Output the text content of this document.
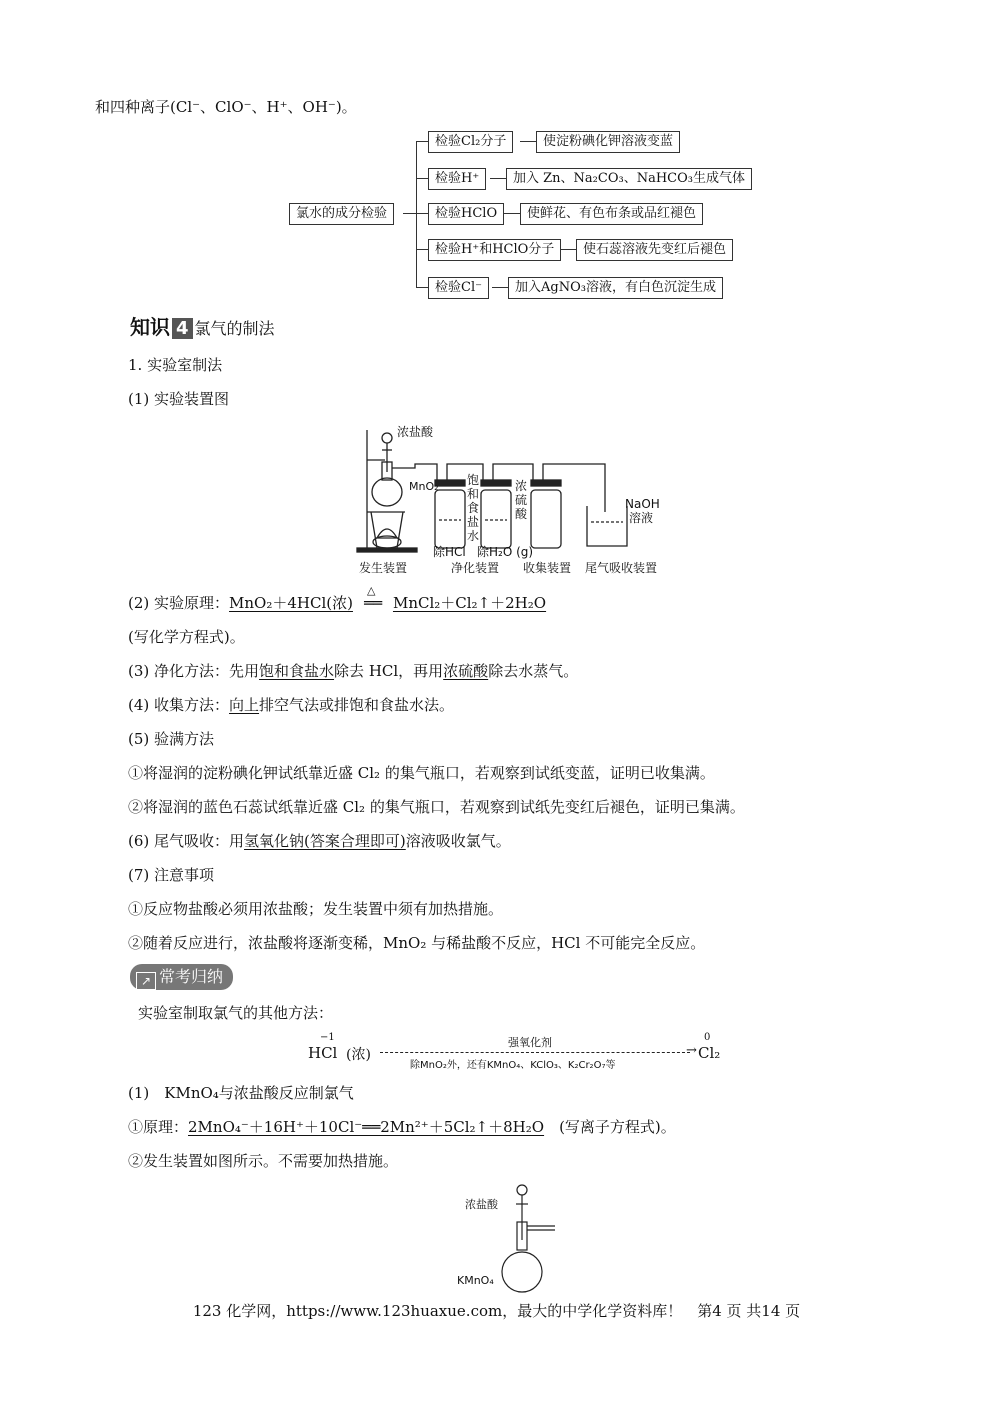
和四种离子(Cl⁻、ClO⁻、H⁺、OH⁻)。
氯水的成分检验
检验Cl₂分子	使淀粉碘化钾溶液变蓝
检验H⁺	加入 Zn、Na₂CO₃、NaHCO₃生成气体
检验HClO	使鲜花、有色布条或品红褪色
检验H⁺和HClO分子	使石蕊溶液先变红后褪色
检验Cl⁻	加入AgNO₃溶液，有白色沉淀生成
知识 4 氯气的制法
1. 实验室制法
(1) 实验装置图
浓盐酸
MnO₂ 饱
和
食
盐
水
浓
硫
酸
NaOH
溶液
除HCl 除H₂O (g)
发生装置	净化装置 收集装置 尾气吸收装置
(2) 实验原理：MnO₂＋4HCl(浓)
△
══ MnCl₂＋Cl₂↑＋2H₂O
(写化学方程式)。
(3) 净化方法：先用饱和食盐水除去 HCl，再用浓硫酸除去水蒸气。
(4) 收集方法：向上排空气法或排饱和食盐水法。
(5) 验满方法
①将湿润的淀粉碘化钾试纸靠近盛 Cl₂ 的集气瓶口，若观察到试纸变蓝，证明已收集满。
②将湿润的蓝色石蕊试纸靠近盛 Cl₂ 的集气瓶口，若观察到试纸先变红后褪色，证明已集满。
(6) 尾气吸收：用氢氧化钠(答案合理即可)溶液吸收氯气。
(7) 注意事项
①反应物盐酸必须用浓盐酸；发生装置中须有加热措施。
②随着反应进行，浓盐酸将逐渐变稀，MnO₂ 与稀盐酸不反应，HCl 不可能完全反应。
↗ 常考归纳
实验室制取氯气的其他方法：
−1
HCl (浓)
强氧化剂
→
除MnO₂外，还有KMnO₄、KClO₃、K₂Cr₂O₇等
0
Cl₂
(1)　KMnO₄与浓盐酸反应制氯气
①原理：2MnO₄⁻＋16H⁺＋10Cl⁻══2Mn²⁺＋5Cl₂↑＋8H₂O　 (写离子方程式)。
②发生装置如图所示。不需要加热措施。
浓盐酸
KMnO₄
123 化学网，https://www.123huaxue.com，最大的中学化学资料库！　第4 页 共14 页
